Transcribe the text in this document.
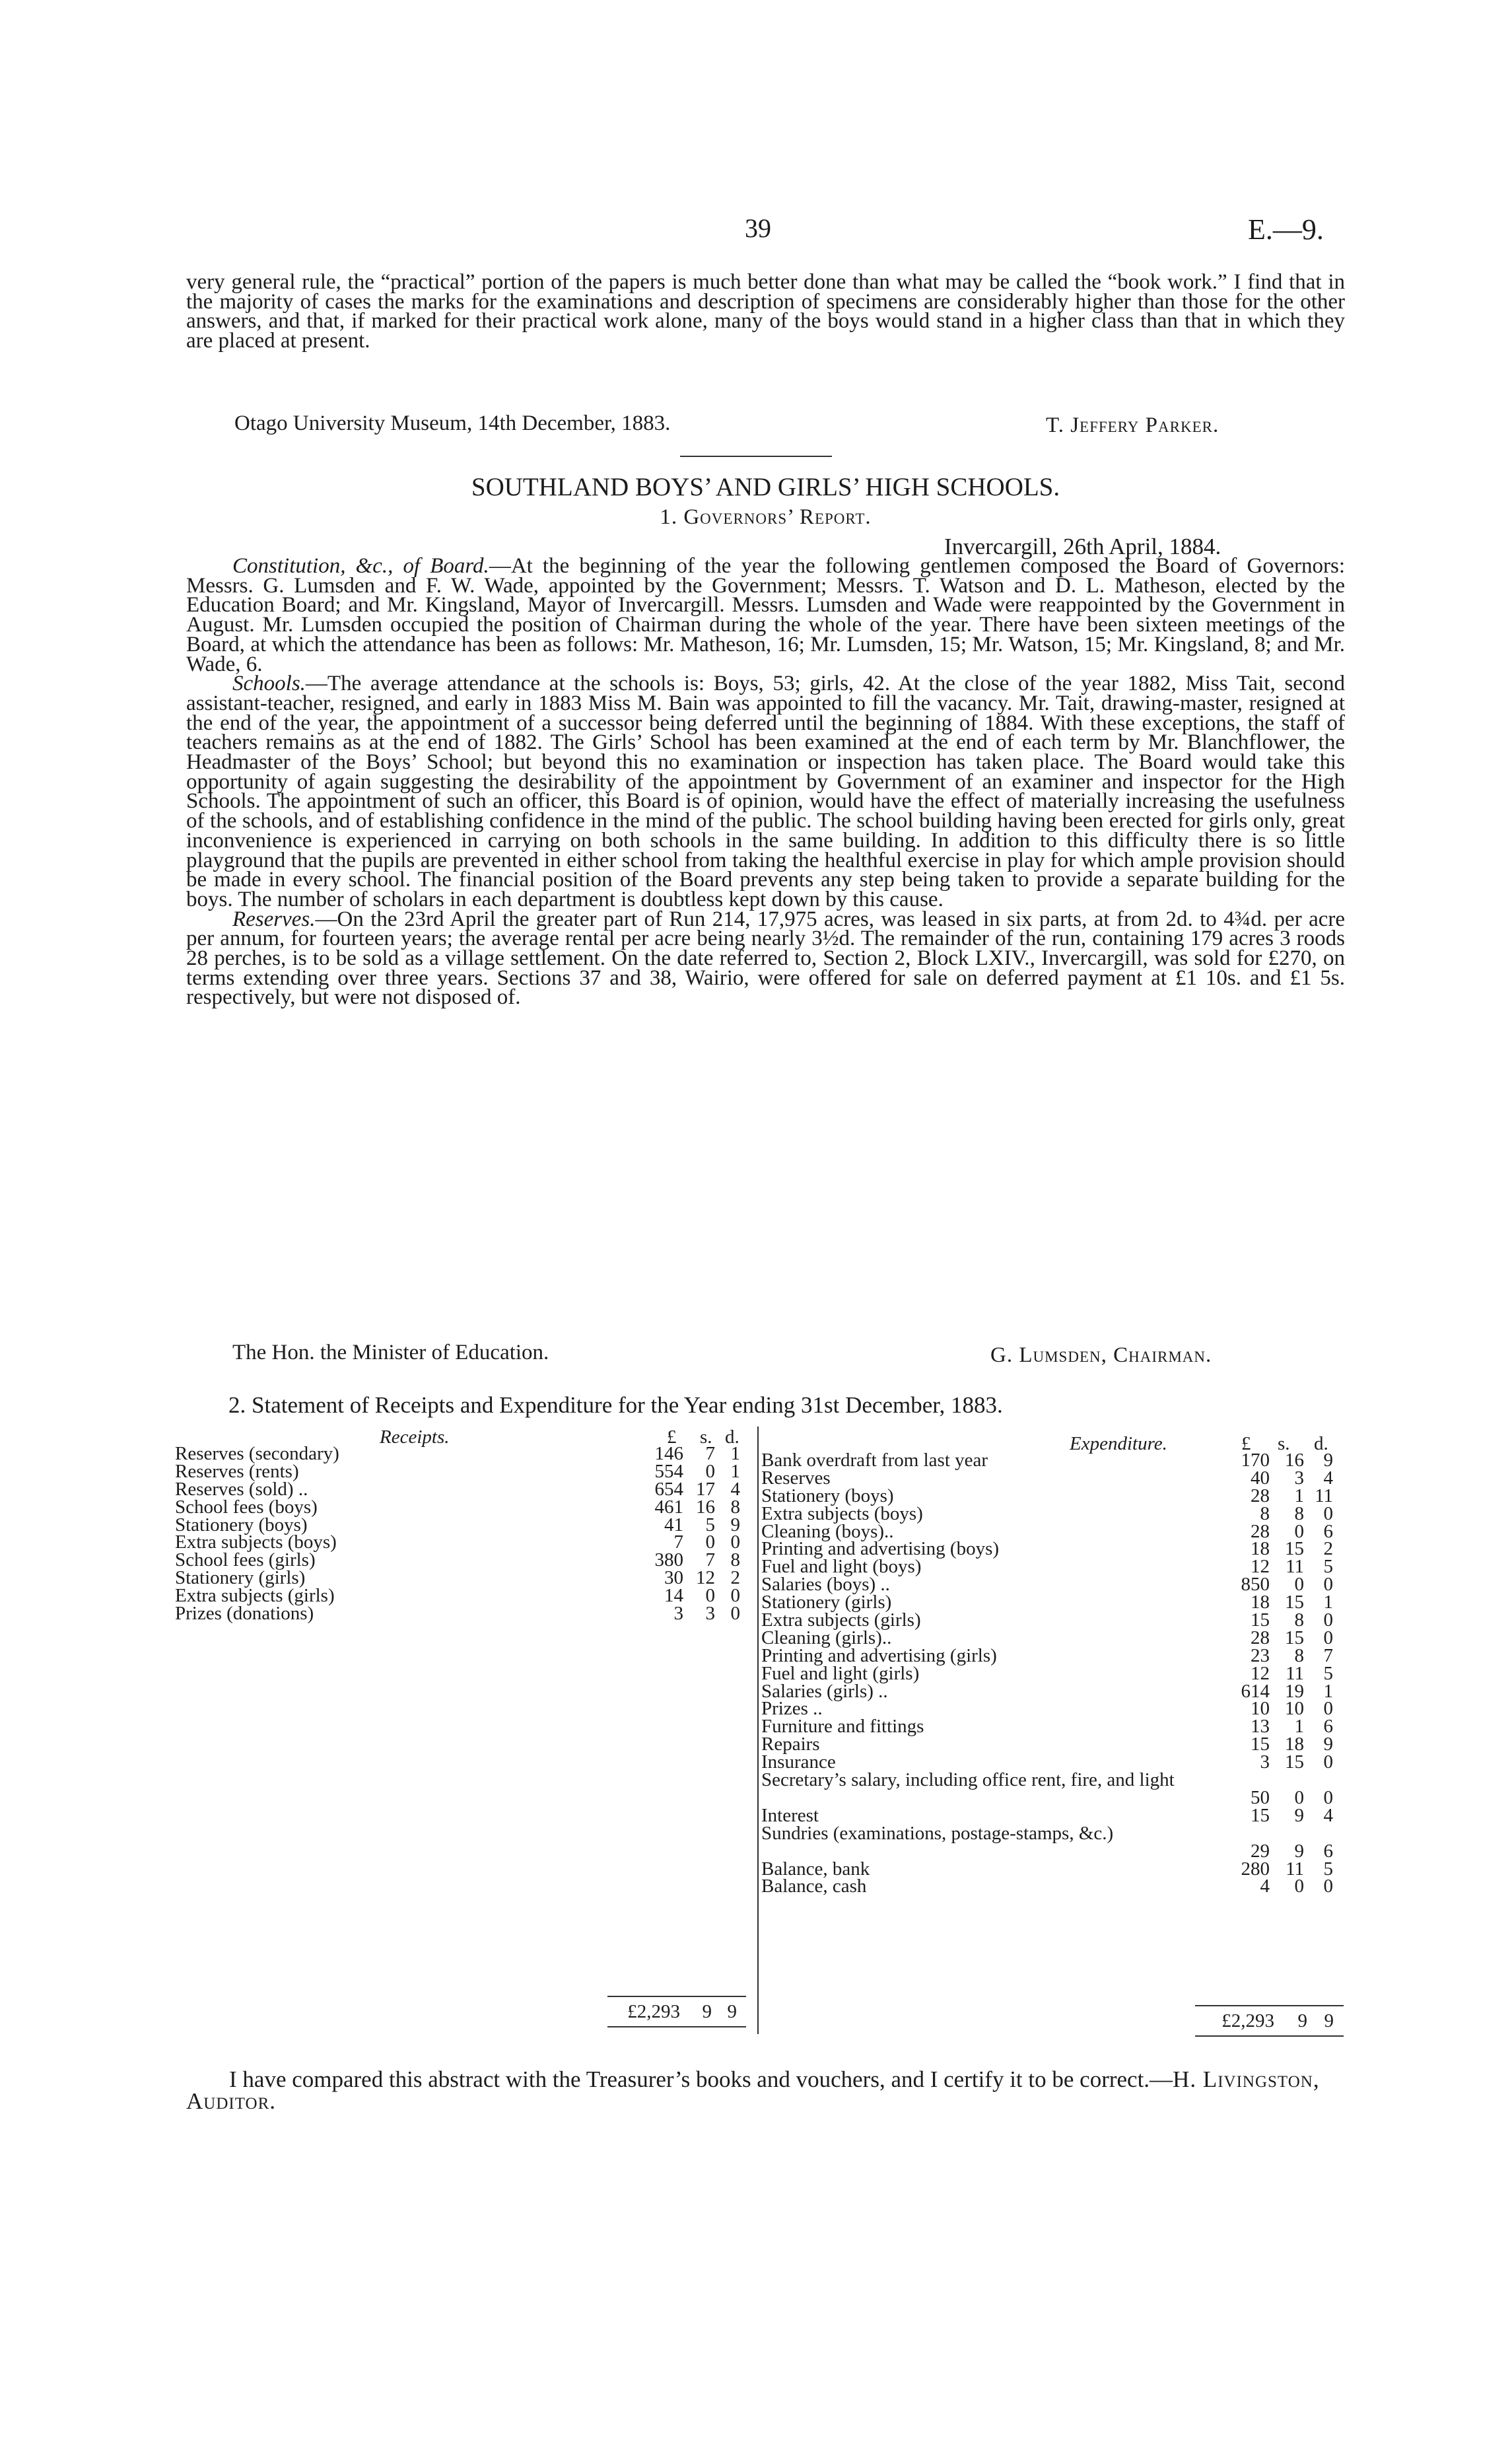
39	E.—9.
very general rule, the “practical” portion of the papers is much better done than what may be called the “book work.” I find that in the majority of cases the marks for the examinations and description of specimens are considerably higher than those for the other answers, and that, if marked for their practical work alone, many of the boys would stand in a higher class than that in which they are placed at present.
Otago University Museum, 14th December, 1883.	T. Jeffery Parker.
SOUTHLAND BOYS’ AND GIRLS’ HIGH SCHOOLS.
1. Governors’ Report.
Invercargill, 26th April, 1884.
Constitution, &c., of Board.—At the beginning of the year the following gentlemen composed the Board of Governors: Messrs. G. Lumsden and F. W. Wade, appointed by the Government; Messrs. T. Watson and D. L. Matheson, elected by the Education Board; and Mr. Kingsland, Mayor of Invercargill. Messrs. Lumsden and Wade were reappointed by the Government in August. Mr. Lumsden occupied the position of Chairman during the whole of the year. There have been sixteen meetings of the Board, at which the attendance has been as follows: Mr. Matheson, 16; Mr. Lumsden, 15; Mr. Watson, 15; Mr. Kingsland, 8; and Mr. Wade, 6.
Schools.—The average attendance at the schools is: Boys, 53; girls, 42. At the close of the year 1882, Miss Tait, second assistant-teacher, resigned, and early in 1883 Miss M. Bain was appointed to fill the vacancy. Mr. Tait, drawing-master, resigned at the end of the year, the appointment of a successor being deferred until the beginning of 1884. With these exceptions, the staff of teachers remains as at the end of 1882. The Girls’ School has been examined at the end of each term by Mr. Blanchflower, the Headmaster of the Boys’ School; but beyond this no examination or inspection has taken place. The Board would take this opportunity of again suggesting the desirability of the appointment by Government of an examiner and inspector for the High Schools. The appointment of such an officer, this Board is of opinion, would have the effect of materially increasing the usefulness of the schools, and of establishing confidence in the mind of the public. The school building having been erected for girls only, great inconvenience is experienced in carrying on both schools in the same building. In addition to this difficulty there is so little playground that the pupils are prevented in either school from taking the healthful exercise in play for which ample provision should be made in every school. The financial position of the Board prevents any step being taken to provide a separate building for the boys. The number of scholars in each department is doubtless kept down by this cause.
Reserves.—On the 23rd April the greater part of Run 214, 17,975 acres, was leased in six parts, at from 2d. to 4¾d. per acre per annum, for fourteen years; the average rental per acre being nearly 3½d. The remainder of the run, containing 179 acres 3 roods 28 perches, is to be sold as a village settlement. On the date referred to, Section 2, Block LXIV., Invercargill, was sold for £270, on terms extending over three years. Sections 37 and 38, Wairio, were offered for sale on deferred payment at £1 10s. and £1 5s. respectively, but were not disposed of.
The Hon. the Minister of Education.	G. Lumsden, Chairman.
2. Statement of Receipts and Expenditure for the Year ending 31st December, 1883.
Receipts.	£ s. d.	Expenditure.	£ s. d.
Reserves (secondary)	146 7 1
Reserves (rents)	554 0 1
Reserves (sold) ..	654 17 4
School fees (boys)	461 16 8
Stationery (boys)	41 5 9
Extra subjects (boys)	7 0 0
School fees (girls)	380 7 8
Stationery (girls)	30 12 2
Extra subjects (girls)	14 0 0
Prizes (donations)	3 3 0
Bank overdraft from last year	170 16 9
Reserves	40 3 4
Stationery (boys)	28 1 11
Extra subjects (boys)	8 8 0
Cleaning (boys)..	28 0 6
Printing and advertising (boys)	18 15 2
Fuel and light (boys)	12 11 5
Salaries (boys) ..	850 0 0
Stationery (girls)	18 15 1
Extra subjects (girls)	15 8 0
Cleaning (girls)..	28 15 0
Printing and advertising (girls)	23 8 7
Fuel and light (girls)	12 11 5
Salaries (girls) ..	614 19 1
Prizes ..	10 10 0
Furniture and fittings	13 1 6
Repairs	15 18 9
Insurance	3 15 0
Secretary’s salary, including office rent, fire, and light
50 0 0
Interest	15 9 4
Sundries (examinations, postage-stamps, &c.)
29 9 6
Balance, bank	280 11 5
Balance, cash	4 0 0
£2,293 9 9	£2,293 9 9
I have compared this abstract with the Treasurer’s books and vouchers, and I certify it to be correct.—H. Livingston, Auditor.
